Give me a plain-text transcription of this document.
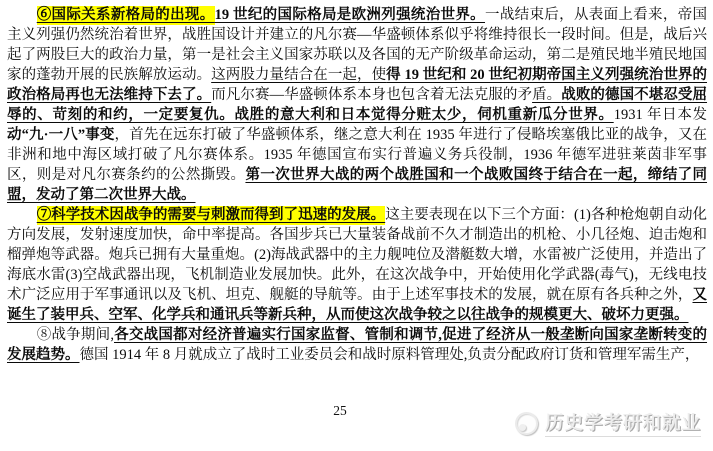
⑥国际关系新格局的出现。19 世纪的国际格局是欧洲列强统治世界。一战结束后，从表面上看来，帝国主义列强仍然统治着世界，战胜国设计并建立的凡尔赛—华盛顿体系似乎将维持很长一段时间。但是，战后兴起了两股巨大的政治力量，第一是社会主义国家苏联以及各国的无产阶级革命运动，第二是殖民地半殖民地国家的蓬勃开展的民族解放运动。这两股力量结合在一起，使得 19 世纪和 20 世纪初期帝国主义列强统治世界的政治格局再也无法维持下去了。而凡尔赛—华盛顿体系本身也包含着无法克服的矛盾。战败的德国不堪忍受屈辱的、苛刻的和约，一定要复仇。战胜的意大利和日本觉得分赃太少，伺机重新瓜分世界。1931 年日本发动“九·一八”事变，首先在远东打破了华盛顿体系，继之意大利在 1935 年进行了侵略埃塞俄比亚的战争，又在非洲和地中海区域打破了凡尔赛体系。1935 年德国宣布实行普遍义务兵役制，1936 年德军进驻莱茵非军事区，则是对凡尔赛条约的公然撕毁。第一次世界大战的两个战胜国和一个战败国终于结合在一起，缔结了同盟，发动了第二次世界大战。

⑦科学技术因战争的需要与刺激而得到了迅速的发展。这主要表现在以下三个方面：(1)各种枪炮朝自动化方向发展，发射速度加快，命中率提高。各国步兵已大量装备战前不久才制造出的机枪、小几径炮、迫击炮和榴弹炮等武器。炮兵已拥有大量重炮。(2)海战武器中的主力舰吨位及潜艇数大增，水雷被广泛使用，并造出了海底水雷(3)空战武器出现，飞机制造业发展加快。此外，在这次战争中，开始使用化学武器(毒气)，无线电技术广泛应用于军事通讯以及飞机、坦克、舰艇的导航等。由于上述军事技术的发展，就在原有各兵种之外，又诞生了装甲兵、空军、化学兵和通讯兵等新兵种，从而使这次战争较之以往战争的规模更大、破坏力更强。

⑧战争期间,各交战国都对经济普遍实行国家监督、管制和调节,促进了经济从一般垄断向国家垄断转变的发展趋势。德国 1914 年 8 月就成立了战时工业委员会和战时原料管理处,负责分配政府订货和管理军需生产，

25
历史学考研和就业
